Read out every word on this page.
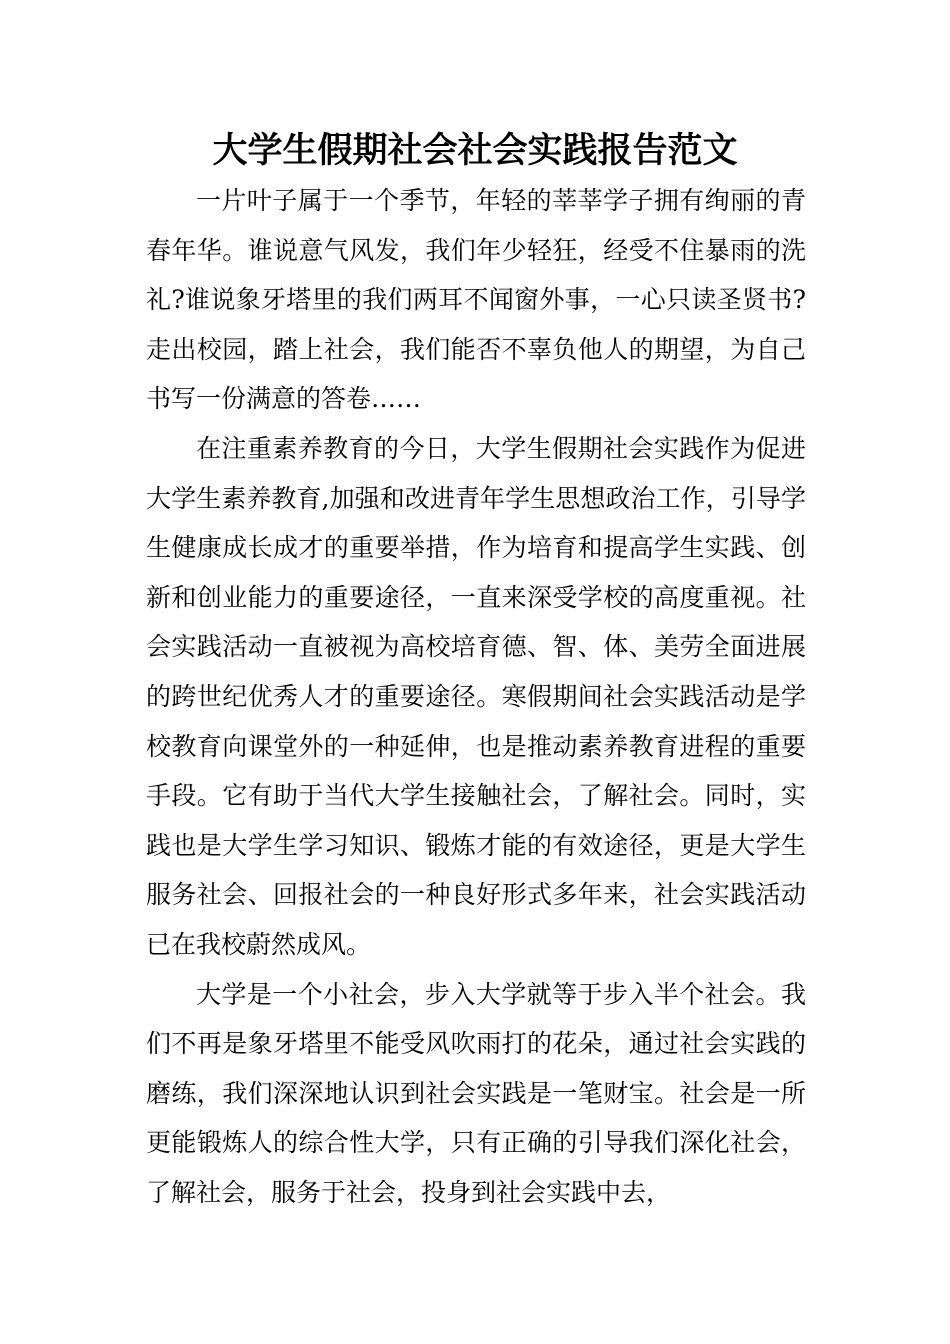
大学生假期社会社会实践报告范文

一片叶子属于一个季节，年轻的莘莘学子拥有绚丽的青春年华。谁说意气风发，我们年少轻狂，经受不住暴雨的洗礼?谁说象牙塔里的我们两耳不闻窗外事，一心只读圣贤书?走出校园，踏上社会，我们能否不辜负他人的期望，为自己书写一份满意的答卷……

在注重素养教育的今日，大学生假期社会实践作为促进大学生素养教育,加强和改进青年学生思想政治工作，引导学生健康成长成才的重要举措，作为培育和提高学生实践、创新和创业能力的重要途径，一直来深受学校的高度重视。社会实践活动一直被视为高校培育德、智、体、美劳全面进展的跨世纪优秀人才的重要途径。寒假期间社会实践活动是学校教育向课堂外的一种延伸，也是推动素养教育进程的重要手段。它有助于当代大学生接触社会，了解社会。同时，实践也是大学生学习知识、锻炼才能的有效途径，更是大学生服务社会、回报社会的一种良好形式多年来，社会实践活动已在我校蔚然成风。

大学是一个小社会，步入大学就等于步入半个社会。我们不再是象牙塔里不能受风吹雨打的花朵，通过社会实践的磨练，我们深深地认识到社会实践是一笔财宝。社会是一所更能锻炼人的综合性大学，只有正确的引导我们深化社会，了解社会，服务于社会，投身到社会实践中去，
